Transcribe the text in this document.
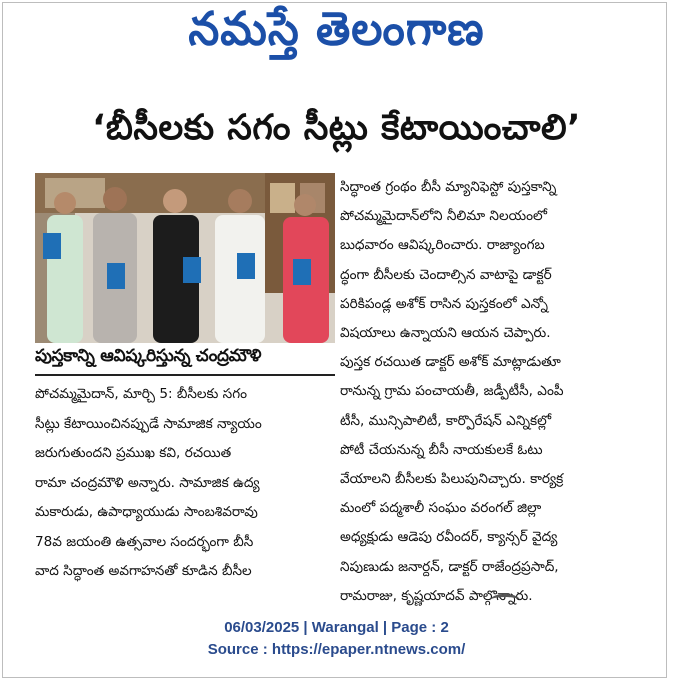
నమస్తే తెలంగాణ
‘బీసీలకు సగం సీట్లు కేటాయించాలి’
పుస్తకాన్ని ఆవిష్కరిస్తున్న చంద్రమౌళి
పోచమ్మమైదాన్, మార్చి 5: బీసీలకు సగం
సీట్లు కేటాయించినప్పుడే సామాజిక న్యాయం
జరుగుతుందని ప్రముఖ కవి, రచయిత
రామా చంద్రమౌళి అన్నారు. సామాజిక ఉద్య
మకారుడు, ఉపాధ్యాయుడు సాంబశివరావు
78వ జయంతి ఉత్సవాల సందర్భంగా బీసీ
వాద సిద్ధాంత అవగాహనతో కూడిన బీసీల
సిద్ధాంత గ్రంథం బీసీ మ్యానిఫెస్టో పుస్తకాన్ని
పోచమ్మమైదాన్‌లోని నీలిమా నిలయంలో
బుధవారం ఆవిష్కరించారు. రాజ్యాంగబ
ద్ధంగా బీసీలకు చెందాల్సిన వాటాపై డాక్టర్
పరికిపండ్ల అశోక్ రాసిన పుస్తకంలో ఎన్నో
విషయాలు ఉన్నాయని ఆయన చెప్పారు.
పుస్తక రచయిత డాక్టర్ అశోక్ మాట్లాడుతూ
రానున్న గ్రామ పంచాయతీ, జడ్పీటీసీ, ఎంపీ
టీసీ, మున్సిపాలిటీ, కార్పొరేషన్ ఎన్నికల్లో
పోటీ చేయనున్న బీసీ నాయకులకే ఓటు
వేయాలని బీసీలకు పిలుపునిచ్చారు. కార్యక్ర
మంలో పద్మశాలీ సంఘం వరంగల్ జిల్లా
అధ్యక్షుడు ఆడెపు రవీందర్, క్యాన్సర్ వైద్య
నిపుణుడు జనార్దన్, డాక్టర్ రాజేంద్రప్రసాద్,
రామరాజు, కృష్ణయాదవ్ పాల్గొన్నారు.
06/03/2025 | Warangal | Page : 2
Source : https://epaper.ntnews.com/
